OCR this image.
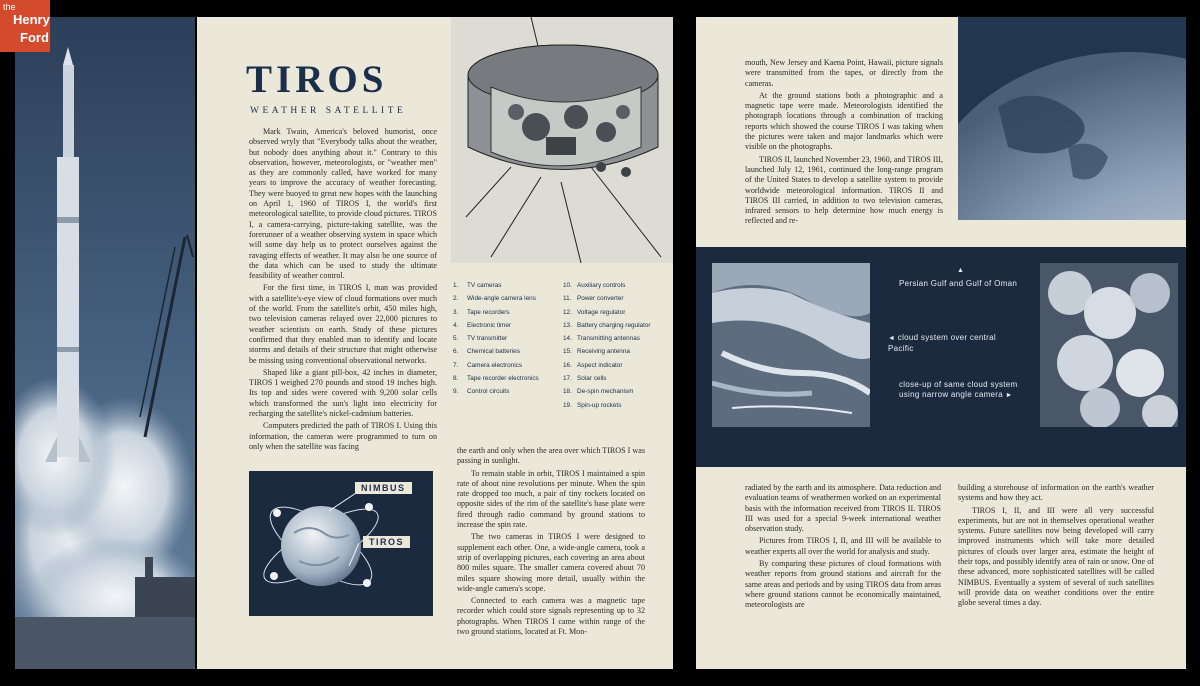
the
Henry
Ford
TIROS
WEATHER SATELLITE

Mark Twain, America's beloved humorist, once observed wryly that "Everybody talks about the weather, but nobody does anything about it." Contrary to this observation, however, meteorologists, or "weather men" as they are commonly called, have worked for many years to improve the accuracy of weather forecasting. They were buoyed to great new hopes with the launching on April 1, 1960 of TIROS I, the world's first meteorological satellite, to provide cloud pictures. TIROS I, a camera-carrying, picture-taking satellite, was the forerunner of a weather observing system in space which will some day help us to protect ourselves against the ravaging effects of weather. It may also be one source of the data which can be used to study the ultimate feasibility of weather control.

For the first time, in TIROS I, man was provided with a satellite's-eye view of cloud formations over much of the world. From the satellite's orbit, 450 miles high, two television cameras relayed over 22,000 pictures to weather scientists on earth. Study of these pictures confirmed that they enabled man to identify and locate storms and details of their structure that might otherwise be missing using conventional observational networks.

Shaped like a giant pill-box, 42 inches in diameter, TIROS I weighed 270 pounds and stood 19 inches high. Its top and sides were covered with 9,200 solar cells which transformed the sun's light into electricity for recharging the satellite's nickel-cadmium batteries.

Computers predicted the path of TIROS I. Using this information, the cameras were programmed to turn on only when the satellite was facing

1.	TV cameras
2.	Wide-angle camera lens
3.	Tape recorders
4.	Electronic timer
5.	TV transmitter
6.	Chemical batteries
7.	Camera electronics
8.	Tape recorder electronics
9.	Control circuits
10. Auxiliary controls
11. Power converter
12. Voltage regulator
13. Battery charging regulator
14. Transmitting antennas
15. Receiving antenna
16. Aspect indicator
17. Solar cells
18. De-spin mechanism
19. Spin-up rockets
NIMBUS
TIROS

the earth and only when the area over which TIROS I was passing in sunlight.

To remain stable in orbit, TIROS I maintained a spin rate of about nine revolutions per minute. When the spin rate dropped too much, a pair of tiny rockets located on opposite sides of the rim of the satellite's base plate were fired through radio command by ground stations to increase the spin rate.

The two cameras in TIROS I were designed to supplement each other. One, a wide-angle camera, took a strip of overlapping pictures, each covering an area about 800 miles square. The smaller camera covered about 70 miles square showing more detail, usually within the wide-angle camera's scope.

Connected to each camera was a magnetic tape recorder which could store signals representing up to 32 photographs. When TIROS I came within range of the two ground stations, located at Ft. Mon-

mouth, New Jersey and Kaena Point, Hawaii, picture signals were transmitted from the tapes, or directly from the cameras.

At the ground stations both a photographic and a magnetic tape were made. Meteorologists identified the photograph locations through a combination of tracking reports which showed the course TIROS I was taking when the pictures were taken and major landmarks which were visible on the photographs.

TIROS II, launched November 23, 1960, and TIROS III, launched July 12, 1961, continued the long-range program of the United States to develop a satellite system to provide worldwide meteorological information. TIROS II and TIROS III carried, in addition to two television cameras, infrared sensors to help determine how much energy is reflected and re-

▲
Persian Gulf and Gulf of Oman
◄ cloud system over central Pacific
close-up of same cloud system using narrow angle camera ►

radiated by the earth and its atmosphere. Data reduction and evaluation teams of weathermen worked on an experimental basis with the information received from TIROS II. TIROS III was used for a special 9-week international weather observation study.

Pictures from TIROS I, II, and III will be available to weather experts all over the world for analysis and study.

By comparing these pictures of cloud formations with weather reports from ground stations and aircraft for the same areas and periods and by using TIROS data from areas where ground stations cannot be economically maintained, meteorologists are

building a storehouse of information on the earth's weather systems and how they act.

TIROS I, II, and III were all very successful experiments, but are not in themselves operational weather systems. Future satellites now being developed will carry improved instruments which will take more detailed pictures of clouds over larger area, estimate the height of their tops, and possibly identify area of rain or snow. One of these advanced, more sophisticated satellites will be called NIMBUS. Eventually a system of several of such satellites will provide data on weather conditions over the entire globe several times a day.
